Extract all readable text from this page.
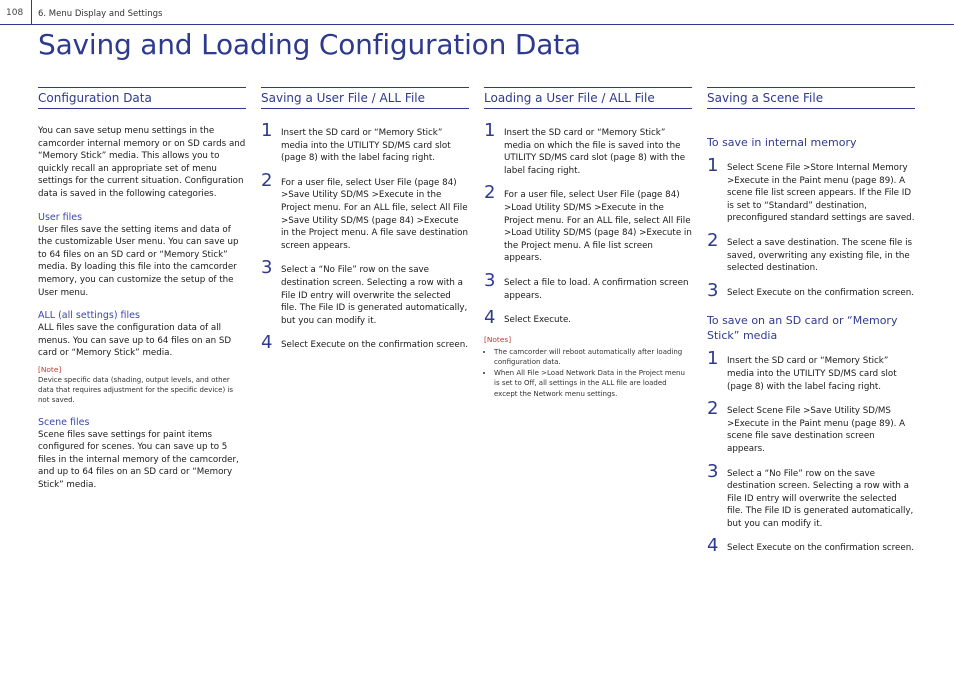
108 6. Menu Display and Settings
Saving and Loading Configuration Data
Configuration Data

You can save setup menu settings in the camcorder internal memory or on SD cards and “Memory Stick” media. This allows you to quickly recall an appropriate set of menu settings for the current situation. Configuration data is saved in the following categories.

User files

User files save the setting items and data of the customizable User menu. You can save up to 64 files on an SD card or “Memory Stick” media. By loading this file into the camcorder memory, you can customize the setup of the User menu.

ALL (all settings) files

ALL files save the configuration data of all menus. You can save up to 64 files on an SD card or “Memory Stick” media.

[Note]
Device specific data (shading, output levels, and other data that requires adjustment for the specific device) is not saved.
Scene files

Scene files save settings for paint items configured for scenes. You can save up to 5 files in the internal memory of the camcorder, and up to 64 files on an SD card or “Memory Stick” media.

Saving a User File / ALL File
1 Insert the SD card or “Memory Stick” media into the UTILITY SD/MS card slot (page 8) with the label facing right.

2 For a user file, select User File (page 84) >Save Utility SD/MS >Execute in the Project menu. For an ALL file, select All File >Save Utility SD/MS (page 84) >Execute in the Project menu. A file save destination screen appears.

3 Select a “No File” row on the save destination screen. Selecting a row with a File ID entry will overwrite the selected file. The File ID is generated automatically, but you can modify it.

4 Select Execute on the confirmation screen.

Loading a User File / ALL File
1 Insert the SD card or “Memory Stick” media on which the file is saved into the UTILITY SD/MS card slot (page 8) with the label facing right.

2 For a user file, select User File (page 84) >Load Utility SD/MS >Execute in the Project menu. For an ALL file, select All File >Load Utility SD/MS (page 84) >Execute in the Project menu. A file list screen appears.

3 Select a file to load. A confirmation screen appears.

4 Select Execute.

[Notes]
• The camcorder will reboot automatically after loading configuration data.
• When All File >Load Network Data in the Project menu is set to Off, all settings in the ALL file are loaded except the Network menu settings.
Saving a Scene File
To save in internal memory
1 Select Scene File >Store Internal Memory >Execute in the Paint menu (page 89). A scene file list screen appears. If the File ID is set to “Standard” destination, preconfigured standard settings are saved.

2 Select a save destination. The scene file is saved, overwriting any existing file, in the selected destination.

3 Select Execute on the confirmation screen.

To save on an SD card or “Memory Stick” media
1 Insert the SD card or “Memory Stick” media into the UTILITY SD/MS card slot (page 8) with the label facing right.

2 Select Scene File >Save Utility SD/MS >Execute in the Paint menu (page 89). A scene file save destination screen appears.

3 Select a “No File” row on the save destination screen. Selecting a row with a File ID entry will overwrite the selected file. The File ID is generated automatically, but you can modify it.

4 Select Execute on the confirmation screen.
